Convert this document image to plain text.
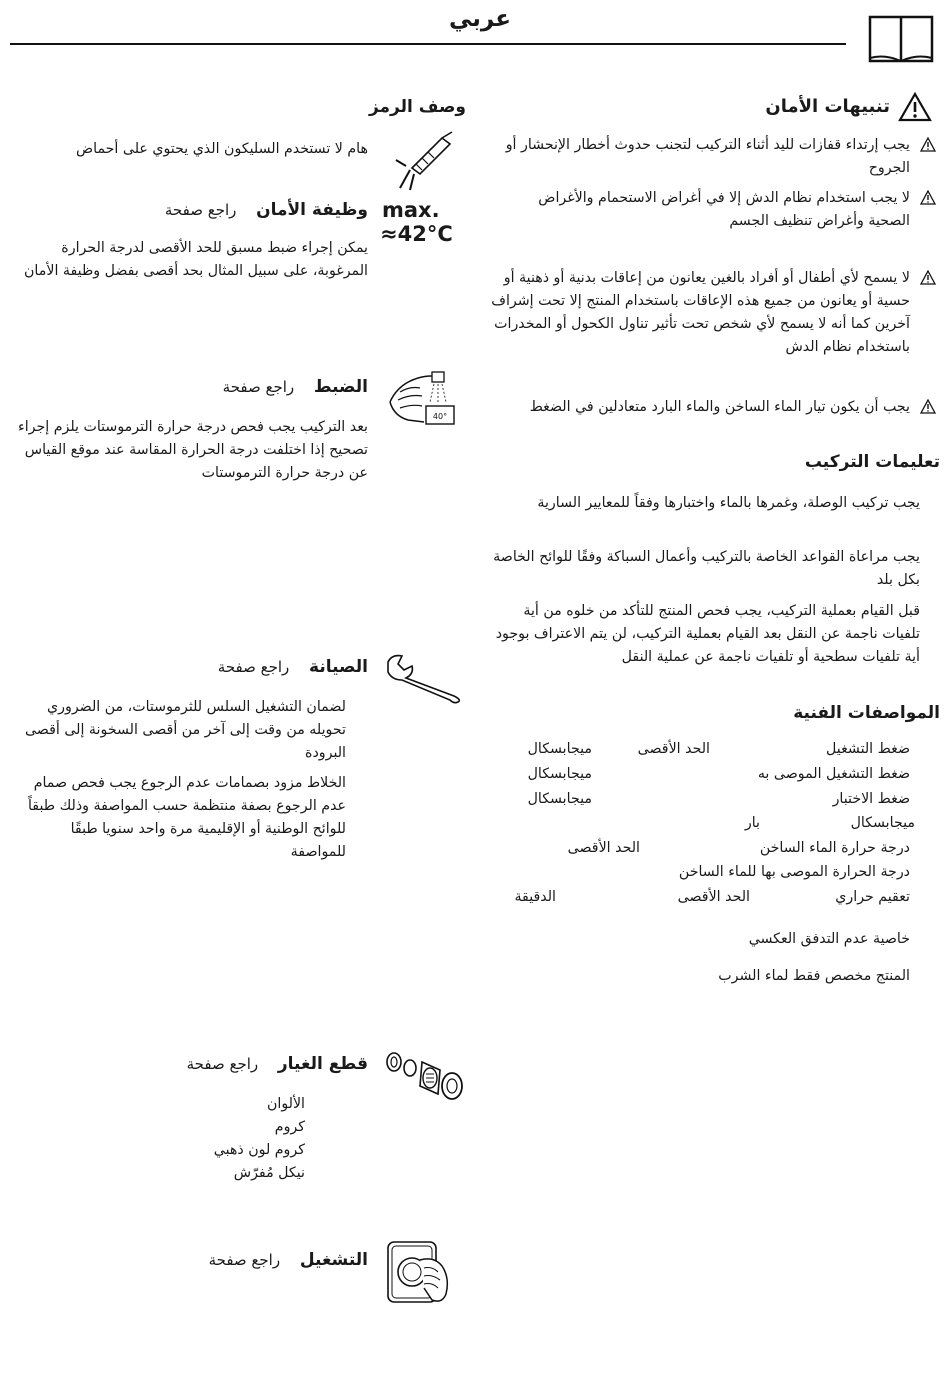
عربي
تنبيهات الأمان
يجب إرتداء قفازات لليد أثناء التركيب لتجنب حدوث أخطار الإنحشار أو الجروح
لا يجب استخدام نظام الدش إلا في أغراض الاستحمام والأغراض الصحية وأغراض تنظيف الجسم
لا يسمح لأي أطفال أو أفراد بالغين يعانون من إعاقات بدنية أو ذهنية أو حسية أو يعانون من جميع هذه الإعاقات باستخدام المنتج إلا تحت إشراف آخرين كما أنه لا يسمح لأي شخص تحت تأثير تناول الكحول أو المخدرات باستخدام نظام الدش
يجب أن يكون تيار الماء الساخن والماء البارد متعادلين في الضغط
تعليمات التركيب
يجب تركيب الوصلة، وغمرها بالماء واختبارها وفقاً للمعايير السارية
يجب مراعاة القواعد الخاصة بالتركيب وأعمال السباكة وفقًا للوائح الخاصة بكل بلد
قبل القيام بعملية التركيب، يجب فحص المنتج للتأكد من خلوه من أية تلفيات ناجمة عن النقل بعد القيام بعملية التركيب، لن يتم الاعتراف بوجود أية تلفيات سطحية أو تلفيات ناجمة عن عملية النقل
المواصفات الفنية
ضغط التشغيل
الحد الأقصى
ميجابسكال
ضغط التشغيل الموصى به
ميجابسكال
ضغط الاختبار
ميجابسكال
بار	ميجابسكال
درجة حرارة الماء الساخن
الحد الأقصى
درجة الحرارة الموصى بها للماء الساخن
تعقيم حراري
الحد الأقصى
الدقيقة
خاصية عدم التدفق العكسي
المنتج مخصص فقط لماء الشرب
وصف الرمز
هام لا تستخدم السليكون الذي يحتوي على أحماض
max.
≈42°C
وظيفة الأمان    راجع صفحة
يمكن إجراء ضبط مسبق للحد الأقصى لدرجة الحرارة المرغوبة، على سبيل المثال بحد أقصى بفضل وظيفة الأمان
40°
الضبط    راجع صفحة
بعد التركيب يجب فحص درجة حرارة الترموستات يلزم إجراء تصحيح إذا اختلفت درجة الحرارة المقاسة عند موقع القياس عن درجة حرارة الترموستات
الصيانة    راجع صفحة
لضمان التشغيل السلس للثرموستات، من الضروري تحويله من وقت إلى آخر من أقصى السخونة إلى أقصى البرودة
الخلاط مزود بصمامات عدم الرجوع يجب فحص صمام عدم الرجوع بصفة منتظمة حسب المواصفة وذلك طبقاً للوائح الوطنية أو الإقليمية مرة واحد سنويا طبقًا للمواصفة
قطع الغيار    راجع صفحة
الألوان
كروم
كروم لون ذهبي
نيكل مُفرّش
التشغيل    راجع صفحة
